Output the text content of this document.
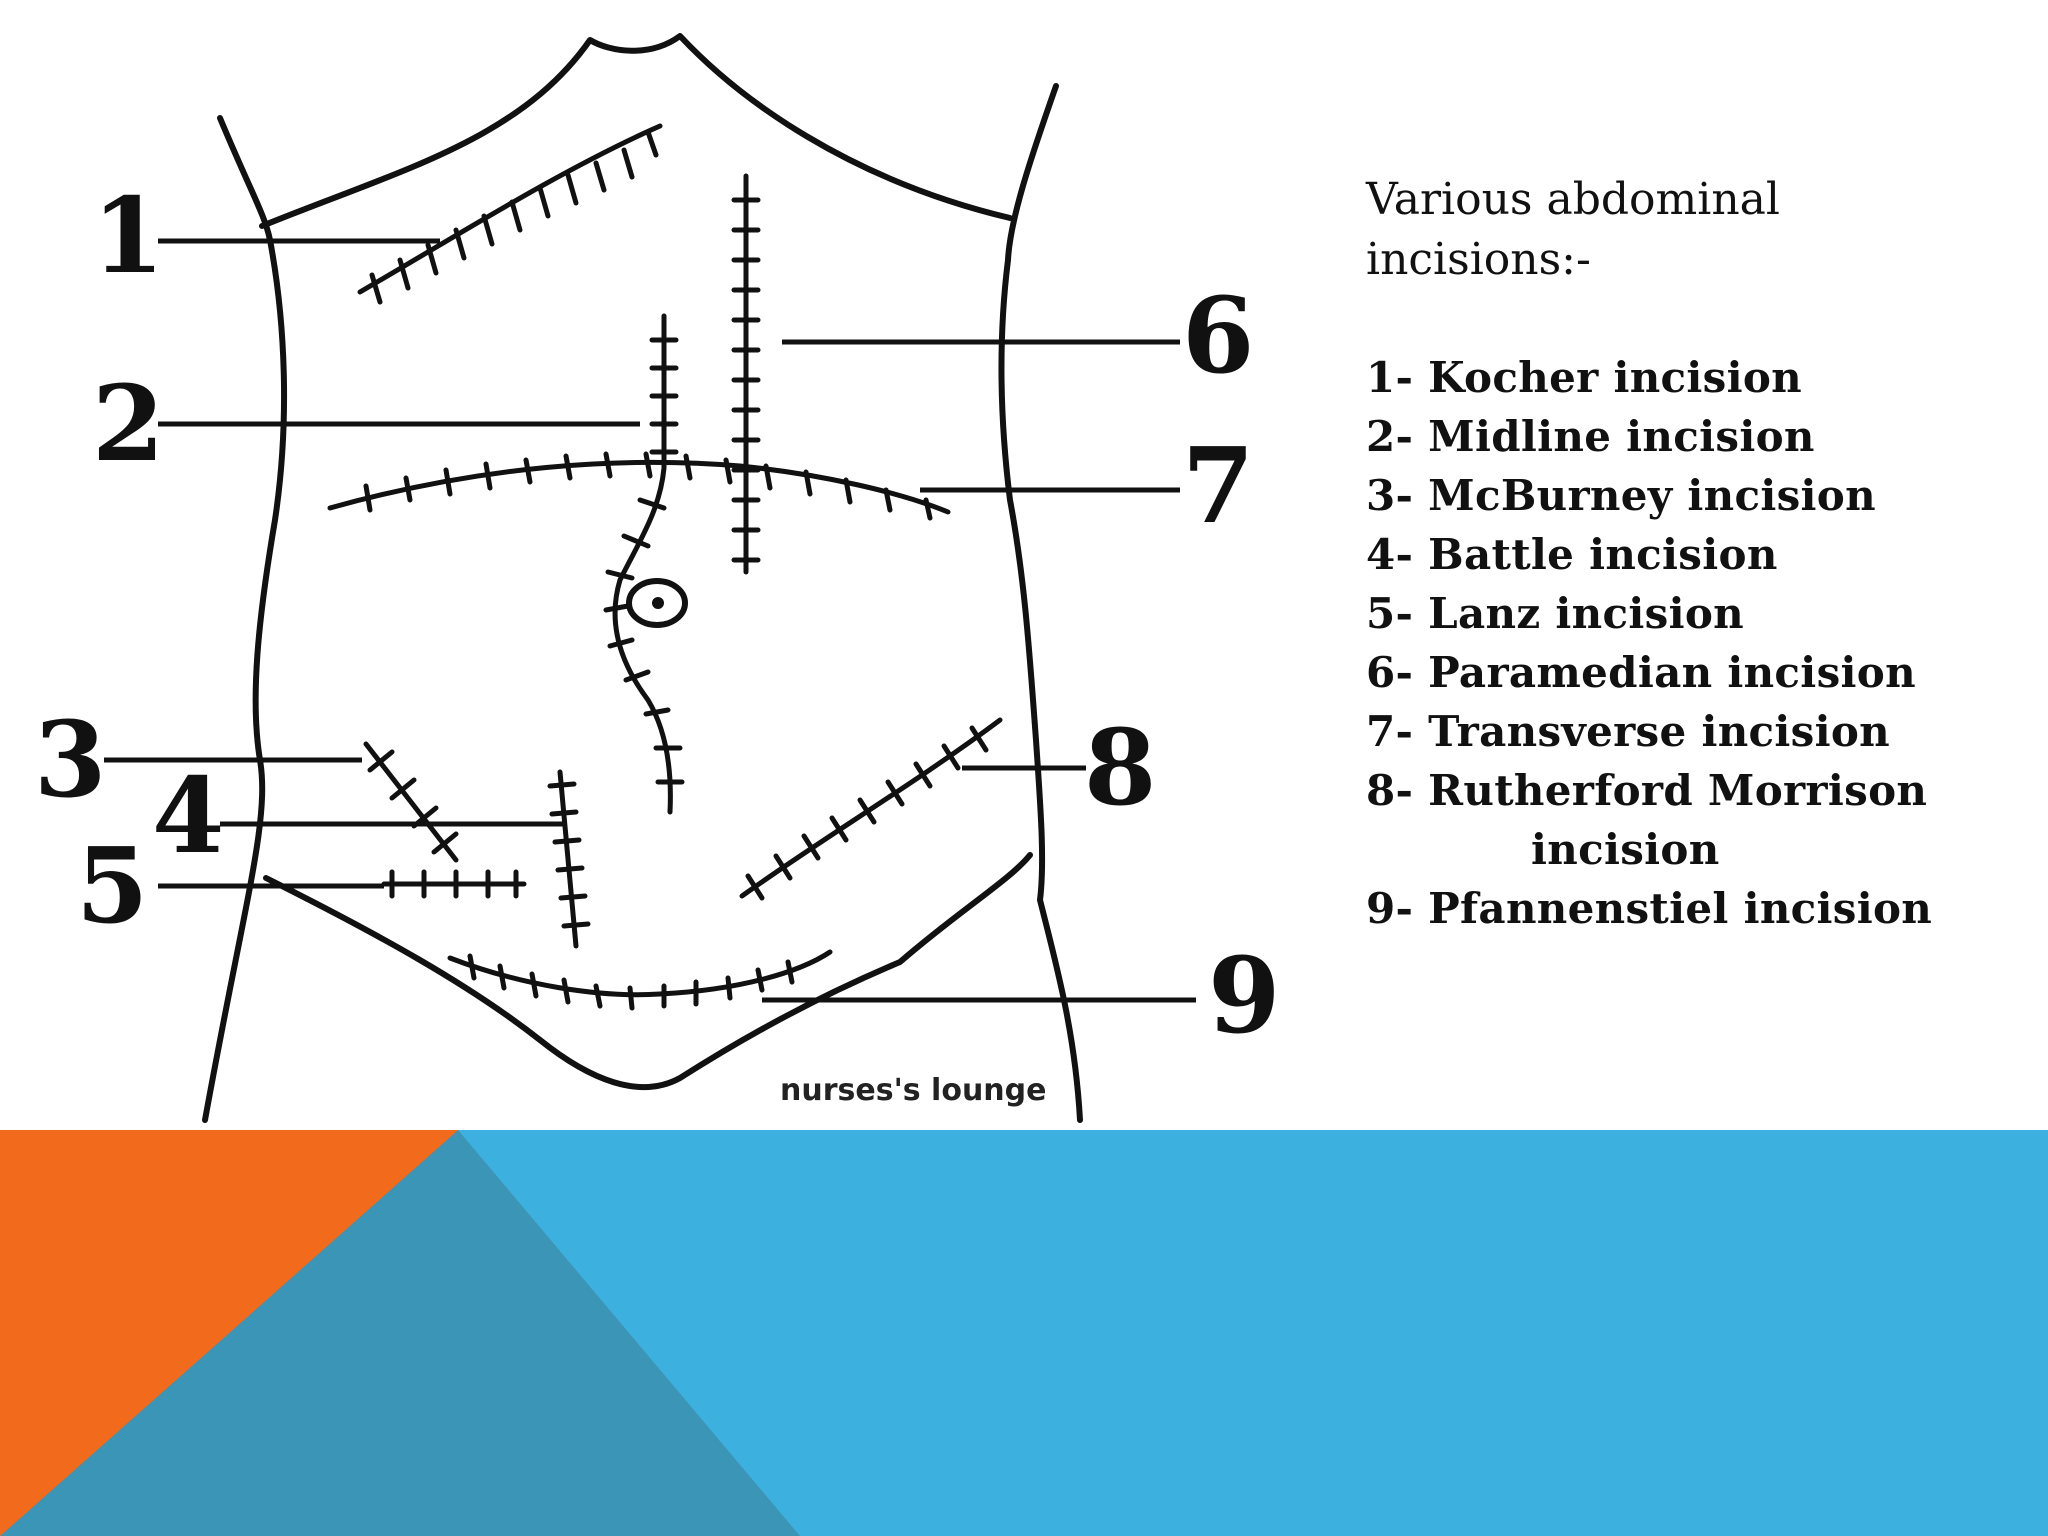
1
2
3 4
5
6
7
8
9
nurses's lounge
Various abdominal
incisions:-
1- Kocher incision
2- Midline incision
3- McBurney incision
4- Battle incision
5- Lanz incision
6- Paramedian incision
7- Transverse incision
8- Rutherford Morrison
incision
9- Pfannenstiel incision
